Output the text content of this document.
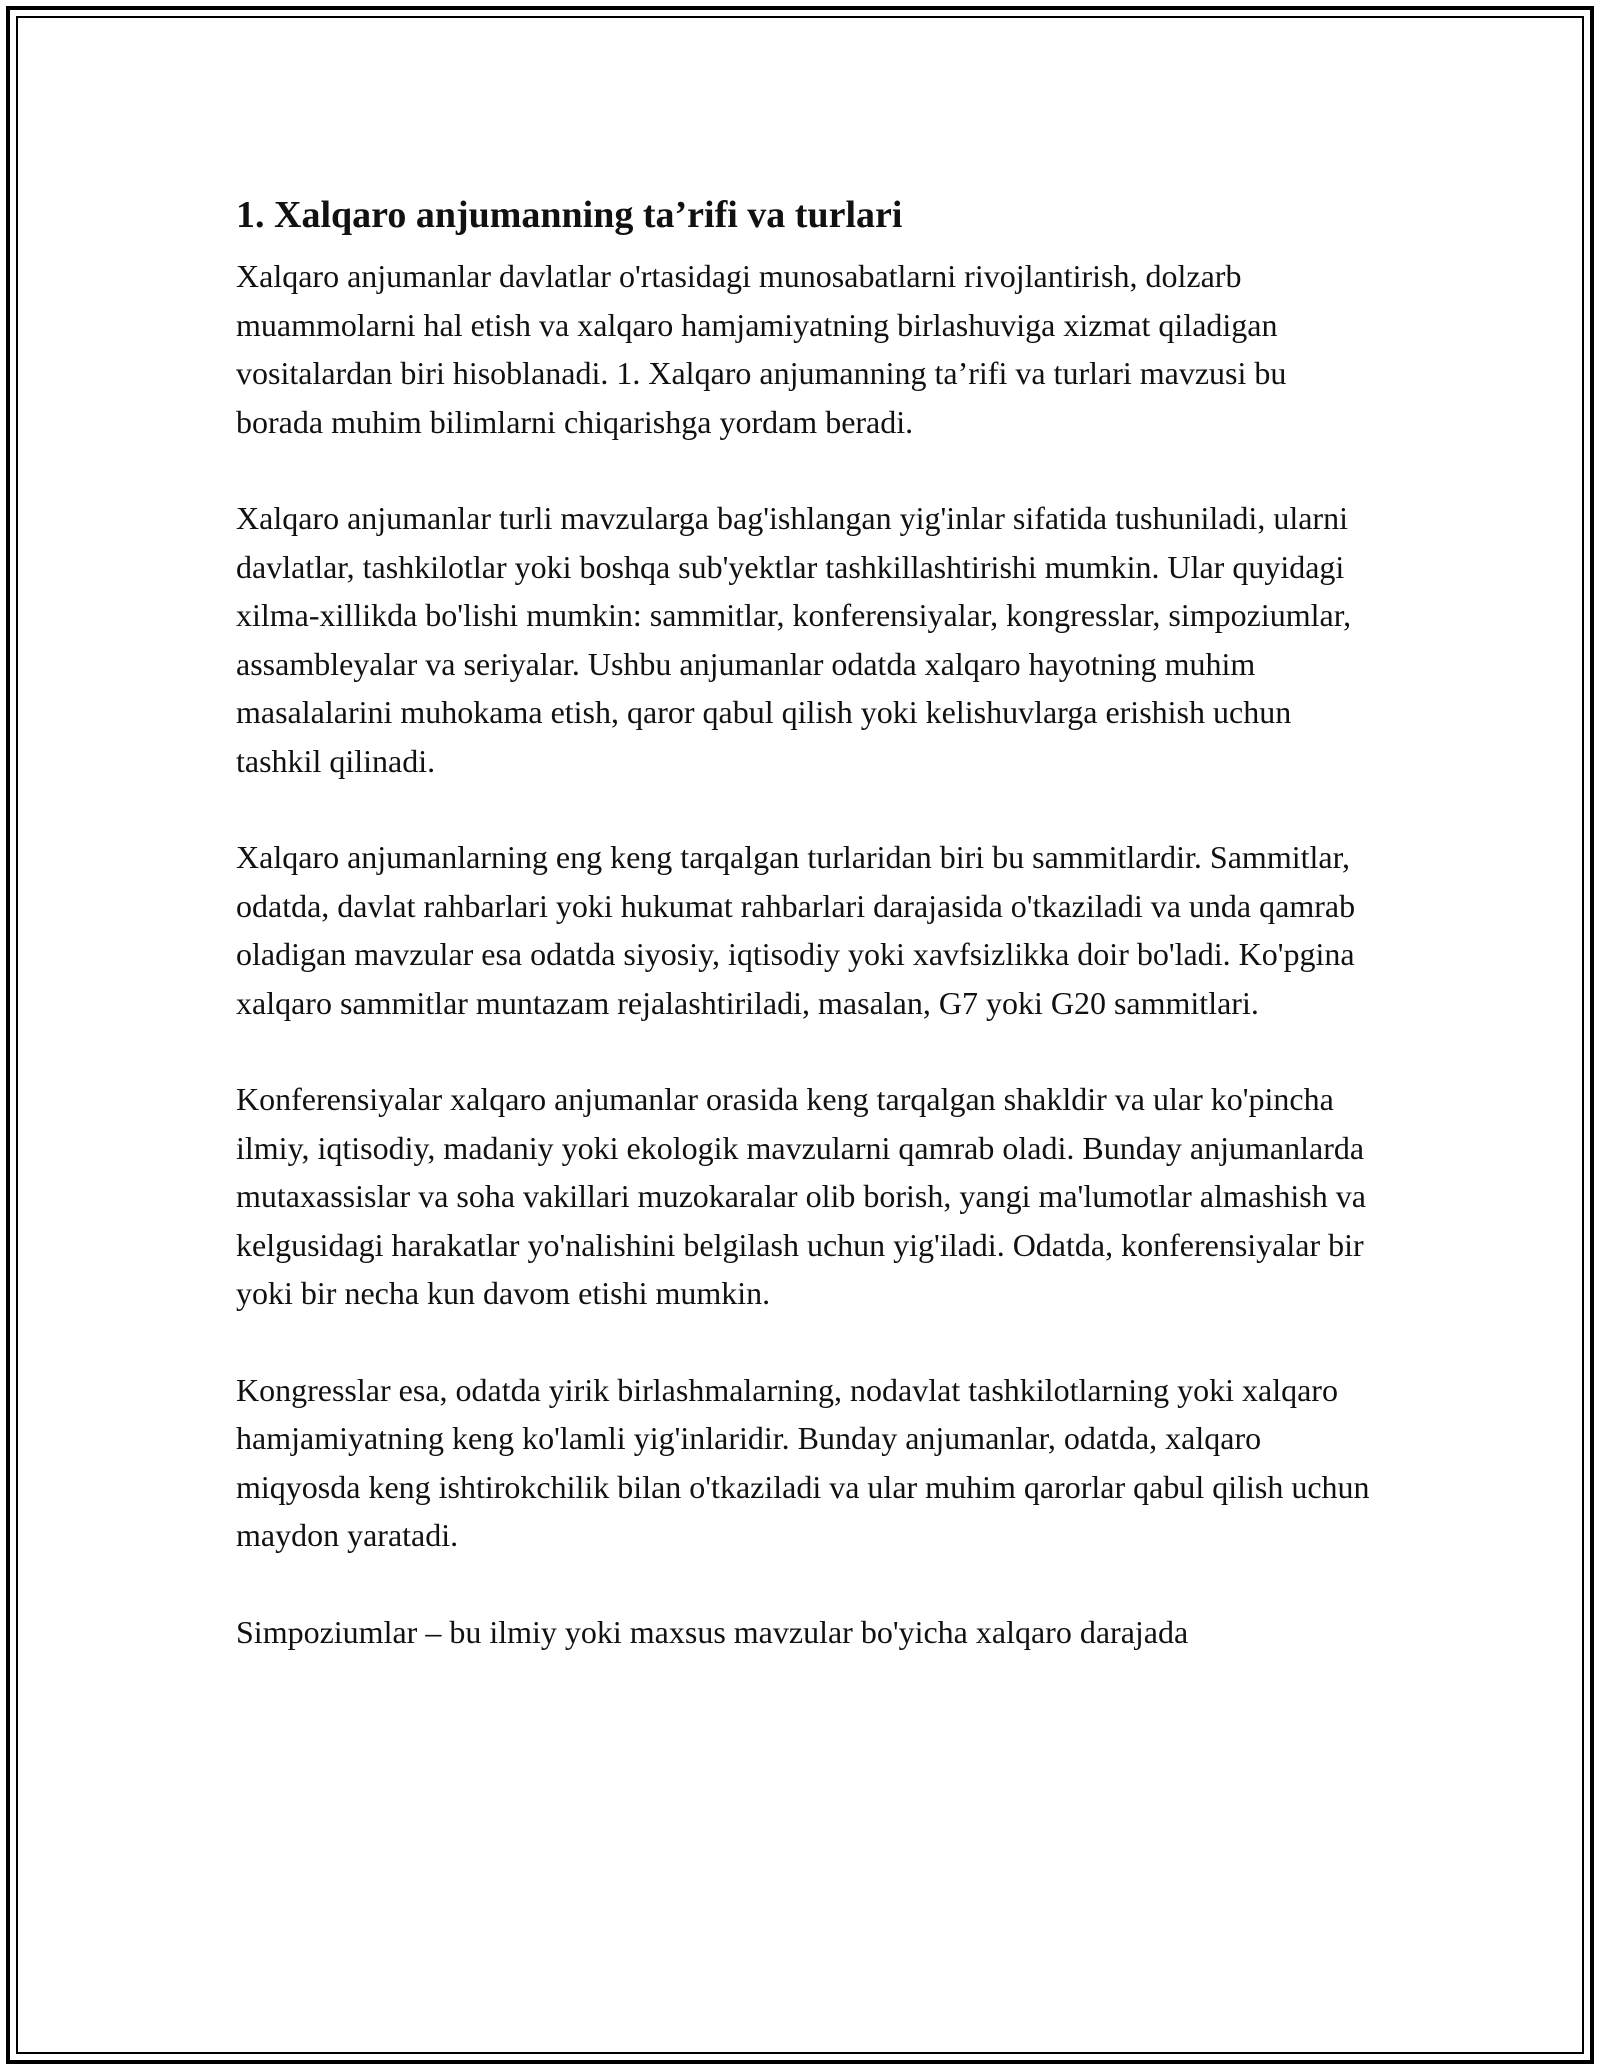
1. Xalqaro anjumanning ta’rifi va turlari

Xalqaro anjumanlar davlatlar o'rtasidagi munosabatlarni rivojlantirish, dolzarb muammolarni hal etish va xalqaro hamjamiyatning birlashuviga xizmat qiladigan vositalardan biri hisoblanadi. 1. Xalqaro anjumanning ta’rifi va turlari mavzusi bu borada muhim bilimlarni chiqarishga yordam beradi.

Xalqaro anjumanlar turli mavzularga bag'ishlangan yig'inlar sifatida tushuniladi, ularni davlatlar, tashkilotlar yoki boshqa sub'yektlar tashkillashtirishi mumkin. Ular quyidagi xilma-xillikda bo'lishi mumkin: sammitlar, konferensiyalar, kongresslar, simpoziumlar, assambleyalar va seriyalar. Ushbu anjumanlar odatda xalqaro hayotning muhim masalalarini muhokama etish, qaror qabul qilish yoki kelishuvlarga erishish uchun tashkil qilinadi.

Xalqaro anjumanlarning eng keng tarqalgan turlaridan biri bu sammitlardir. Sammitlar, odatda, davlat rahbarlari yoki hukumat rahbarlari darajasida o'tkaziladi va unda qamrab oladigan mavzular esa odatda siyosiy, iqtisodiy yoki xavfsizlikka doir bo'ladi. Ko'pgina xalqaro sammitlar muntazam rejalashtiriladi, masalan, G7 yoki G20 sammitlari.

Konferensiyalar xalqaro anjumanlar orasida keng tarqalgan shakldir va ular ko'pincha ilmiy, iqtisodiy, madaniy yoki ekologik mavzularni qamrab oladi. Bunday anjumanlarda mutaxassislar va soha vakillari muzokaralar olib borish, yangi ma'lumotlar almashish va kelgusidagi harakatlar yo'nalishini belgilash uchun yig'iladi. Odatda, konferensiyalar bir yoki bir necha kun davom etishi mumkin.

Kongresslar esa, odatda yirik birlashmalarning, nodavlat tashkilotlarning yoki xalqaro hamjamiyatning keng ko'lamli yig'inlaridir. Bunday anjumanlar, odatda, xalqaro miqyosda keng ishtirokchilik bilan o'tkaziladi va ular muhim qarorlar qabul qilish uchun maydon yaratadi.

Simpoziumlar – bu ilmiy yoki maxsus mavzular bo'yicha xalqaro darajada
